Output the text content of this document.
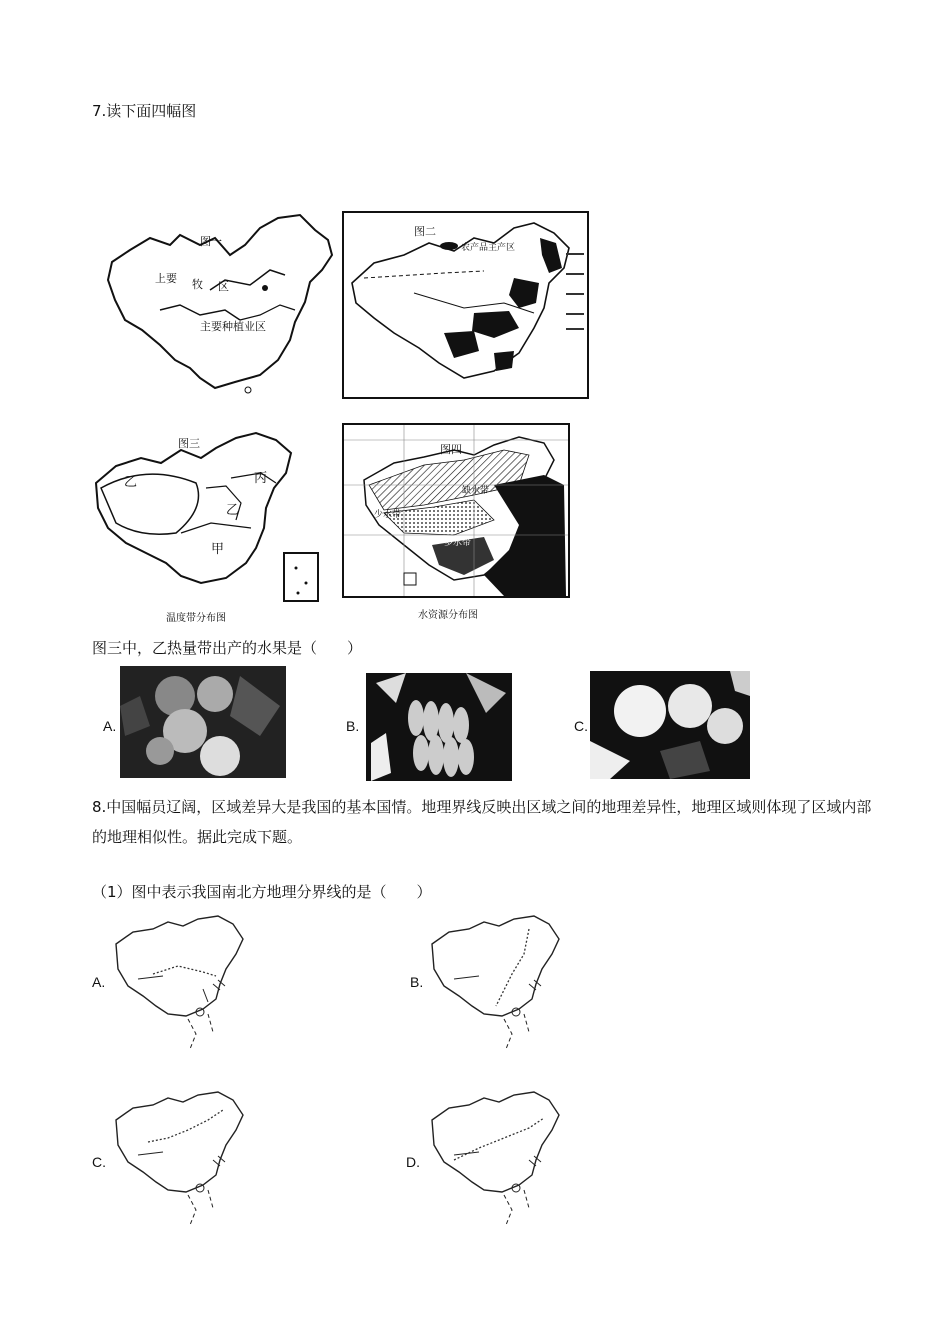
7.读下面四幅图
图一
上要 牧 区
主要种植业区
图二
农产品主产区
图三
乙	丙
乙
甲
温度带分布图
图四
少水带
多水带
缺水带
水资源分布图
图三中，乙热量带出产的水果是（　　）
A.	B.	C.
8.中国幅员辽阔，区域差异大是我国的基本国情。地理界线反映出区域之间的地理差异性，地理区域则体现了区域内部的地理相似性。据此完成下题。
（1）图中表示我国南北方地理分界线的是（　　）
A.	B.
C.	D.
